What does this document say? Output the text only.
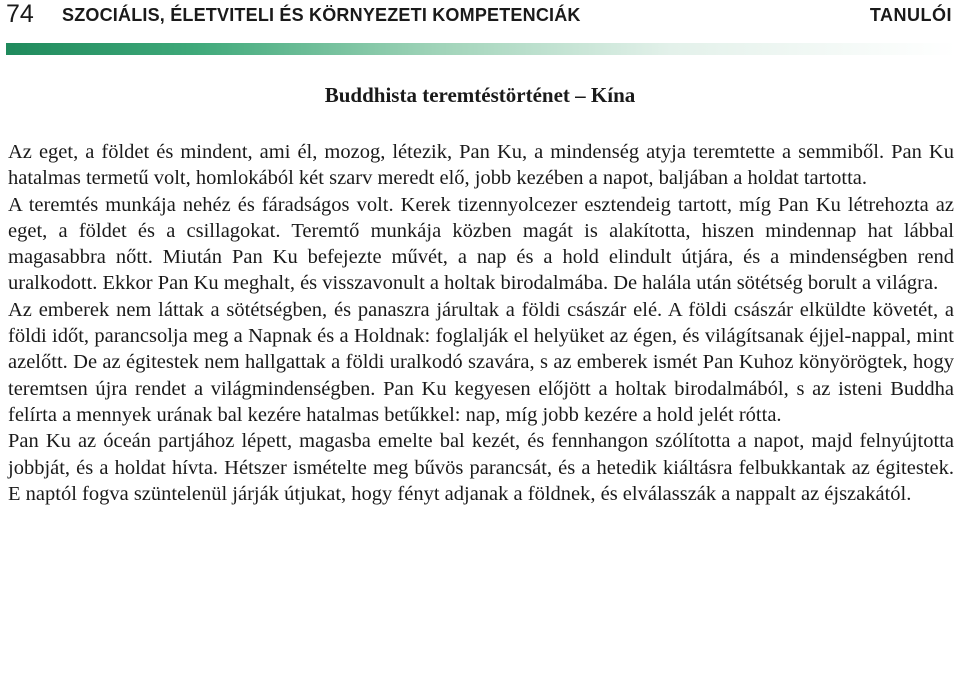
74 SZOCIÁLIS, ÉLETVITELI ÉS KÖRNYEZETI KOMPETENCIÁK	TANULÓI
Buddhista teremtéstörténet – Kína

Az eget, a földet és mindent, ami él, mozog, létezik, Pan Ku, a mindenség atyja teremtette a semmiből. Pan Ku hatalmas termetű volt, homlokából két szarv meredt elő, jobb kezében a napot, baljában a holdat tartotta.

A teremtés munkája nehéz és fáradságos volt. Kerek tizennyolcezer esztendeig tartott, míg Pan Ku létrehozta az eget, a földet és a csillagokat. Teremtő munkája közben magát is alakította, hiszen mindennap hat lábbal magasabbra nőtt. Miután Pan Ku befejezte művét, a nap és a hold elindult útjára, és a mindenségben rend uralkodott. Ekkor Pan Ku meghalt, és visszavonult a holtak birodalmába. De halála után sötétség borult a világra.

Az emberek nem láttak a sötétségben, és panaszra járultak a földi császár elé. A földi császár elküldte követét, a földi időt, parancsolja meg a Napnak és a Holdnak: foglalják el helyüket az égen, és világítsanak éjjel-nappal, mint azelőtt. De az égitestek nem hallgattak a földi uralkodó szavára, s az emberek ismét Pan Kuhoz könyörögtek, hogy teremtsen újra rendet a világmindenségben. Pan Ku kegyesen előjött a holtak birodalmából, s az isteni Buddha felírta a mennyek urának bal kezére hatalmas betűkkel: nap, míg jobb kezére a hold jelét rótta.

Pan Ku az óceán partjához lépett, magasba emelte bal kezét, és fennhangon szólította a napot, majd felnyújtotta jobbját, és a holdat hívta. Hétszer ismételte meg bűvös parancsát, és a hetedik kiáltásra felbukkantak az égitestek. E naptól fogva szüntelenül járják útjukat, hogy fényt adjanak a földnek, és elválasszák a nappalt az éjszakától.
